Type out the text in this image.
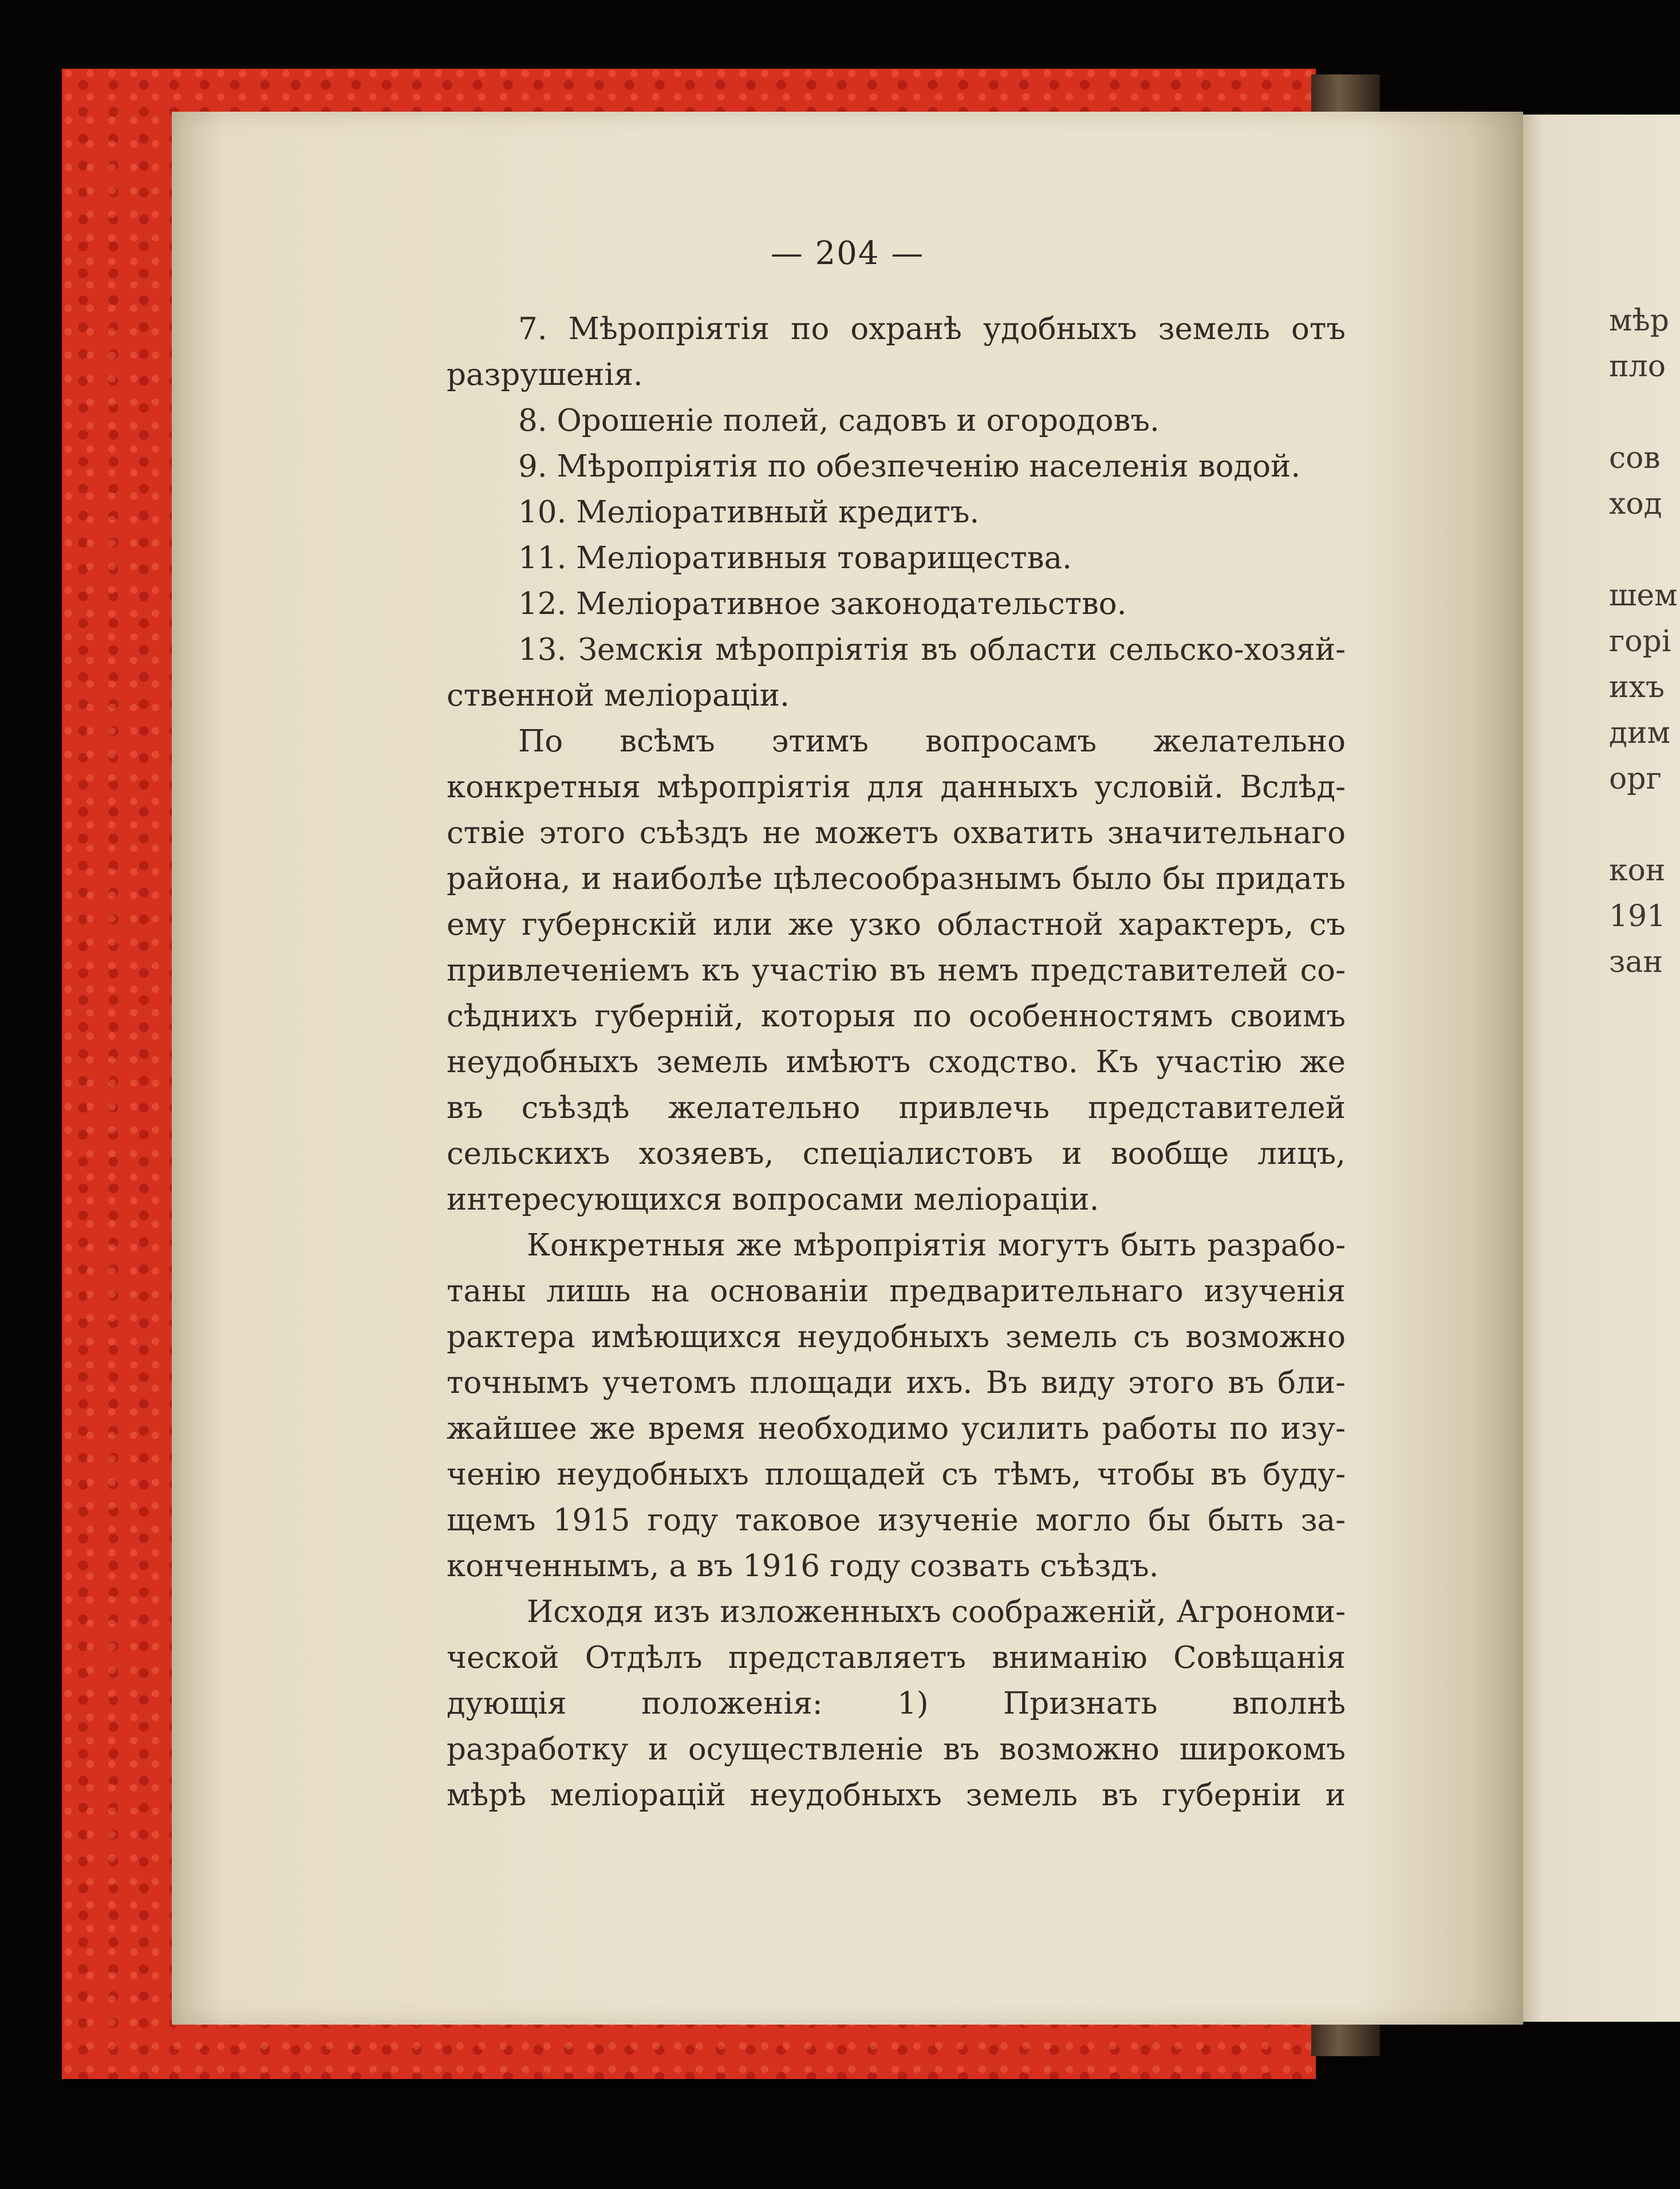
мѣр
пло
сов
ход
шем
горі
ихъ
дим
орг
кон
191
зан
— 204 —
7. Мѣропріятія по охранѣ удобныхъ земель отъ
разрушенія.
8. Орошеніе полей, садовъ и огородовъ.
9. Мѣропріятія по обезпеченію населенія водой.
10. Меліоративный кредитъ.
11. Меліоративныя товарищества.
12. Меліоративное законодательство.
13. Земскія мѣропріятія въ области сельско-хозяй-
ственной меліораціи.
По всѣмъ этимъ вопросамъ желательно
конкретныя мѣропріятія для данныхъ условій. Вслѣд-
ствіе этого съѣздъ не можетъ охватить значительнаго
района, и наиболѣе цѣлесообразнымъ было бы придать
ему губернскій или же узко областной характеръ, съ
привлеченіемъ къ участію въ немъ представителей со-
сѣднихъ губерній, которыя по особенностямъ своимъ
неудобныхъ земель имѣютъ сходство. Къ участію же
въ съѣздѣ желательно привлечь представителей
сельскихъ хозяевъ, спеціалистовъ и вообще лицъ,
интересующихся вопросами меліораціи.
Конкретныя же мѣропріятія могутъ быть разрабо-
таны лишь на основаніи предварительнаго изученія
рактера имѣющихся неудобныхъ земель съ возможно
точнымъ учетомъ площади ихъ. Въ виду этого въ бли-
жайшее же время необходимо усилить работы по изу-
ченію неудобныхъ площадей съ тѣмъ, чтобы въ буду-
щемъ 1915 году таковое изученіе могло бы быть за-
конченнымъ, а въ 1916 году созвать съѣздъ.
Исходя изъ изложенныхъ соображеній, Агрономи-
ческой Отдѣлъ представляетъ вниманію Совѣщанія
дующія положенія: 1) Признать вполнѣ
разработку и осуществленіе въ возможно широкомъ
мѣрѣ меліорацій неудобныхъ земель въ губерніи и
